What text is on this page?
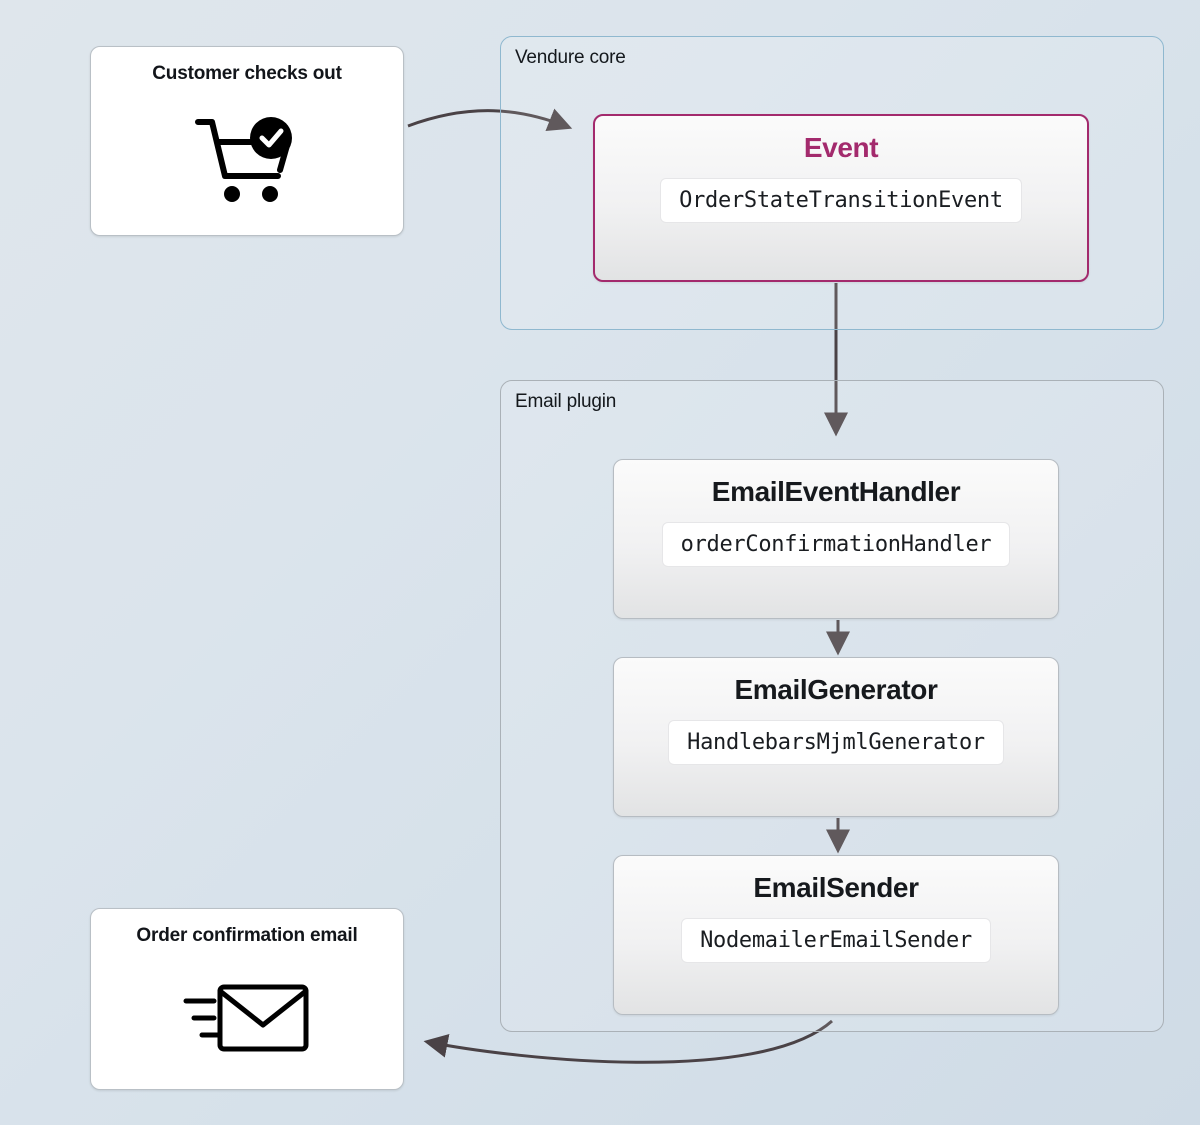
Vendure core
Event
OrderStateTransitionEvent
Email plugin
EmailEventHandler
orderConfirmationHandler
EmailGenerator
HandlebarsMjmlGenerator
EmailSender
NodemailerEmailSender
Customer checks out
Order confirmation email
